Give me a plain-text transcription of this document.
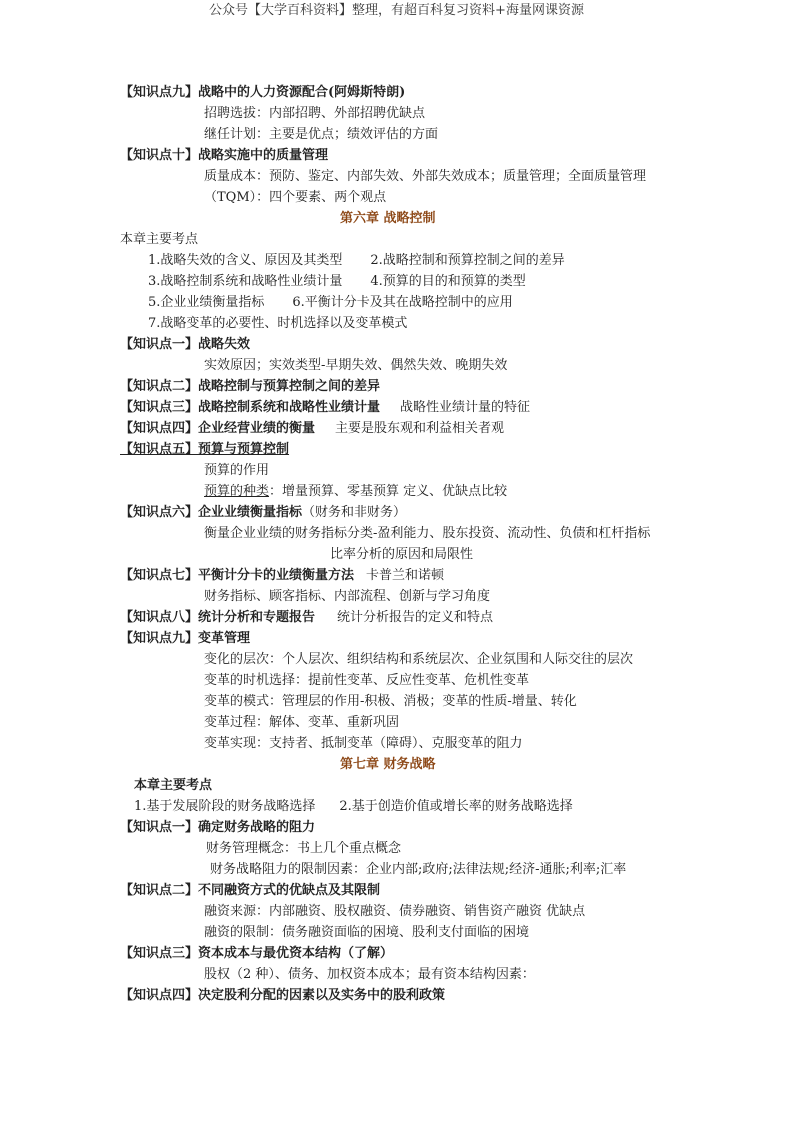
公众号【大学百科资料】整理，有超百科复习资料+海量网课资源
【知识点九】战略中的人力资源配合(阿姆斯特朗)
招聘选拔：内部招聘、外部招聘优缺点
继任计划：主要是优点；绩效评估的方面
【知识点十】战略实施中的质量管理
质量成本：预防、鉴定、内部失效、外部失效成本；质量管理；全面质量管理
（TQM）：四个要素、两个观点
第六章 战略控制
本章主要考点
1.战略失效的含义、原因及其类型 2.战略控制和预算控制之间的差异
3.战略控制系统和战略性业绩计量 4.预算的目的和预算的类型
5.企业业绩衡量指标 6.平衡计分卡及其在战略控制中的应用
7.战略变革的必要性、时机选择以及变革模式
【知识点一】战略失效
实效原因；实效类型-早期失效、偶然失效、晚期失效
【知识点二】战略控制与预算控制之间的差异
【知识点三】战略控制系统和战略性业绩计量 战略性业绩计量的特征
【知识点四】企业经营业绩的衡量 主要是股东观和利益相关者观
【知识点五】预算与预算控制
预算的作用
预算的种类：增量预算、零基预算 定义、优缺点比较
【知识点六】企业业绩衡量指标（财务和非财务）
衡量企业业绩的财务指标分类-盈利能力、股东投资、流动性、负债和杠杆指标
比率分析的原因和局限性
【知识点七】平衡计分卡的业绩衡量方法 卡普兰和诺顿
财务指标、顾客指标、内部流程、创新与学习角度
【知识点八】统计分析和专题报告 统计分析报告的定义和特点
【知识点九】变革管理
变化的层次：个人层次、组织结构和系统层次、企业氛围和人际交往的层次
变革的时机选择：提前性变革、反应性变革、危机性变革
变革的模式：管理层的作用-积极、消极；变革的性质-增量、转化
变革过程：解体、变革、重新巩固
变革实现：支持者、抵制变革（障碍）、克服变革的阻力
第七章 财务战略
本章主要考点
1.基于发展阶段的财务战略选择 2.基于创造价值或增长率的财务战略选择
【知识点一】确定财务战略的阻力
财务管理概念：书上几个重点概念
财务战略阻力的限制因素：企业内部;政府;法律法规;经济-通胀;利率;汇率
【知识点二】不同融资方式的优缺点及其限制
融资来源：内部融资、股权融资、债券融资、销售资产融资 优缺点
融资的限制：债务融资面临的困境、股利支付面临的困境
【知识点三】资本成本与最优资本结构（了解）
股权（2 种）、债务、加权资本成本；最有资本结构因素：
【知识点四】决定股利分配的因素以及实务中的股利政策
